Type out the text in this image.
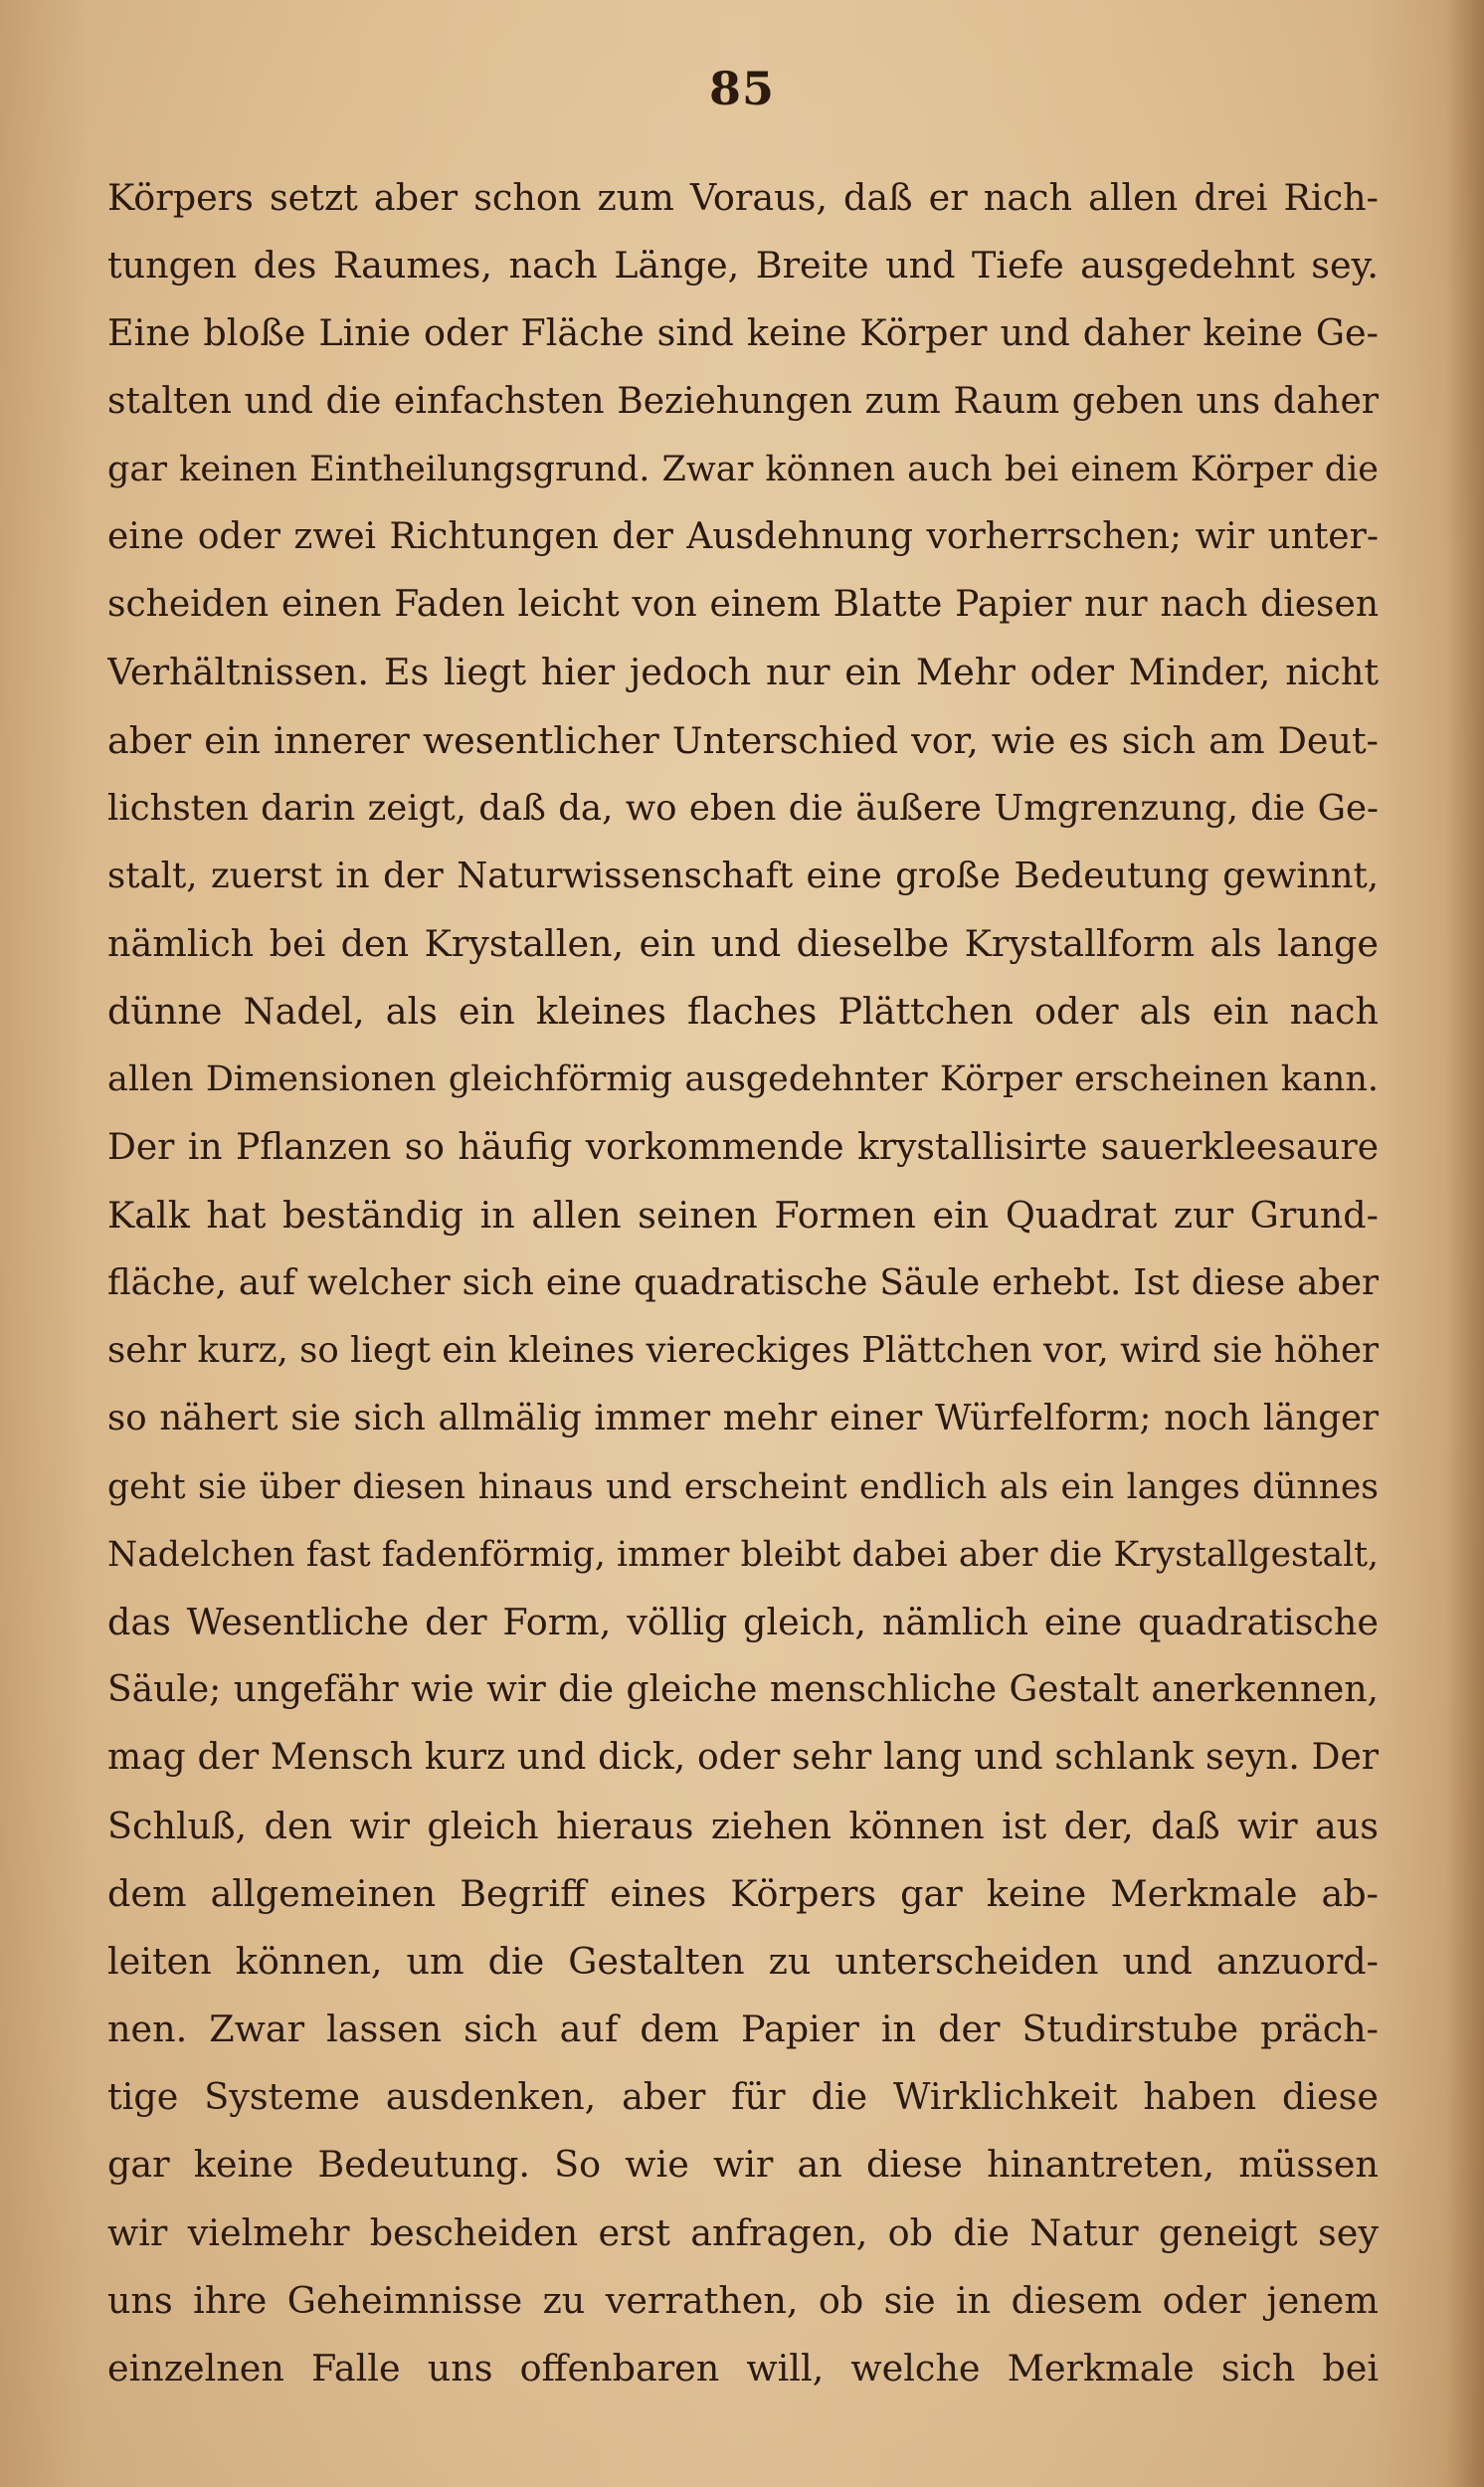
85
Körpers setzt aber schon zum Voraus, daß er nach allen drei Rich-
tungen des Raumes, nach Länge, Breite und Tiefe ausgedehnt sey.
Eine bloße Linie oder Fläche sind keine Körper und daher keine Ge-
stalten und die einfachsten Beziehungen zum Raum geben uns daher
gar keinen Eintheilungsgrund. Zwar können auch bei einem Körper die
eine oder zwei Richtungen der Ausdehnung vorherrschen; wir unter-
scheiden einen Faden leicht von einem Blatte Papier nur nach diesen
Verhältnissen. Es liegt hier jedoch nur ein Mehr oder Minder, nicht
aber ein innerer wesentlicher Unterschied vor, wie es sich am Deut-
lichsten darin zeigt, daß da, wo eben die äußere Umgrenzung, die Ge-
stalt, zuerst in der Naturwissenschaft eine große Bedeutung gewinnt,
nämlich bei den Krystallen, ein und dieselbe Krystallform als lange
dünne Nadel, als ein kleines flaches Plättchen oder als ein nach
allen Dimensionen gleichförmig ausgedehnter Körper erscheinen kann.
Der in Pflanzen so häufig vorkommende krystallisirte sauerkleesaure
Kalk hat beständig in allen seinen Formen ein Quadrat zur Grund-
fläche, auf welcher sich eine quadratische Säule erhebt. Ist diese aber
sehr kurz, so liegt ein kleines viereckiges Plättchen vor, wird sie höher
so nähert sie sich allmälig immer mehr einer Würfelform; noch länger
geht sie über diesen hinaus und erscheint endlich als ein langes dünnes
Nadelchen fast fadenförmig, immer bleibt dabei aber die Krystallgestalt,
das Wesentliche der Form, völlig gleich, nämlich eine quadratische
Säule; ungefähr wie wir die gleiche menschliche Gestalt anerkennen,
mag der Mensch kurz und dick, oder sehr lang und schlank seyn. Der
Schluß, den wir gleich hieraus ziehen können ist der, daß wir aus
dem allgemeinen Begriff eines Körpers gar keine Merkmale ab-
leiten können, um die Gestalten zu unterscheiden und anzuord-
nen. Zwar lassen sich auf dem Papier in der Studirstube präch-
tige Systeme ausdenken, aber für die Wirklichkeit haben diese
gar keine Bedeutung. So wie wir an diese hinantreten, müssen
wir vielmehr bescheiden erst anfragen, ob die Natur geneigt sey
uns ihre Geheimnisse zu verrathen, ob sie in diesem oder jenem
einzelnen Falle uns offenbaren will, welche Merkmale sich bei
